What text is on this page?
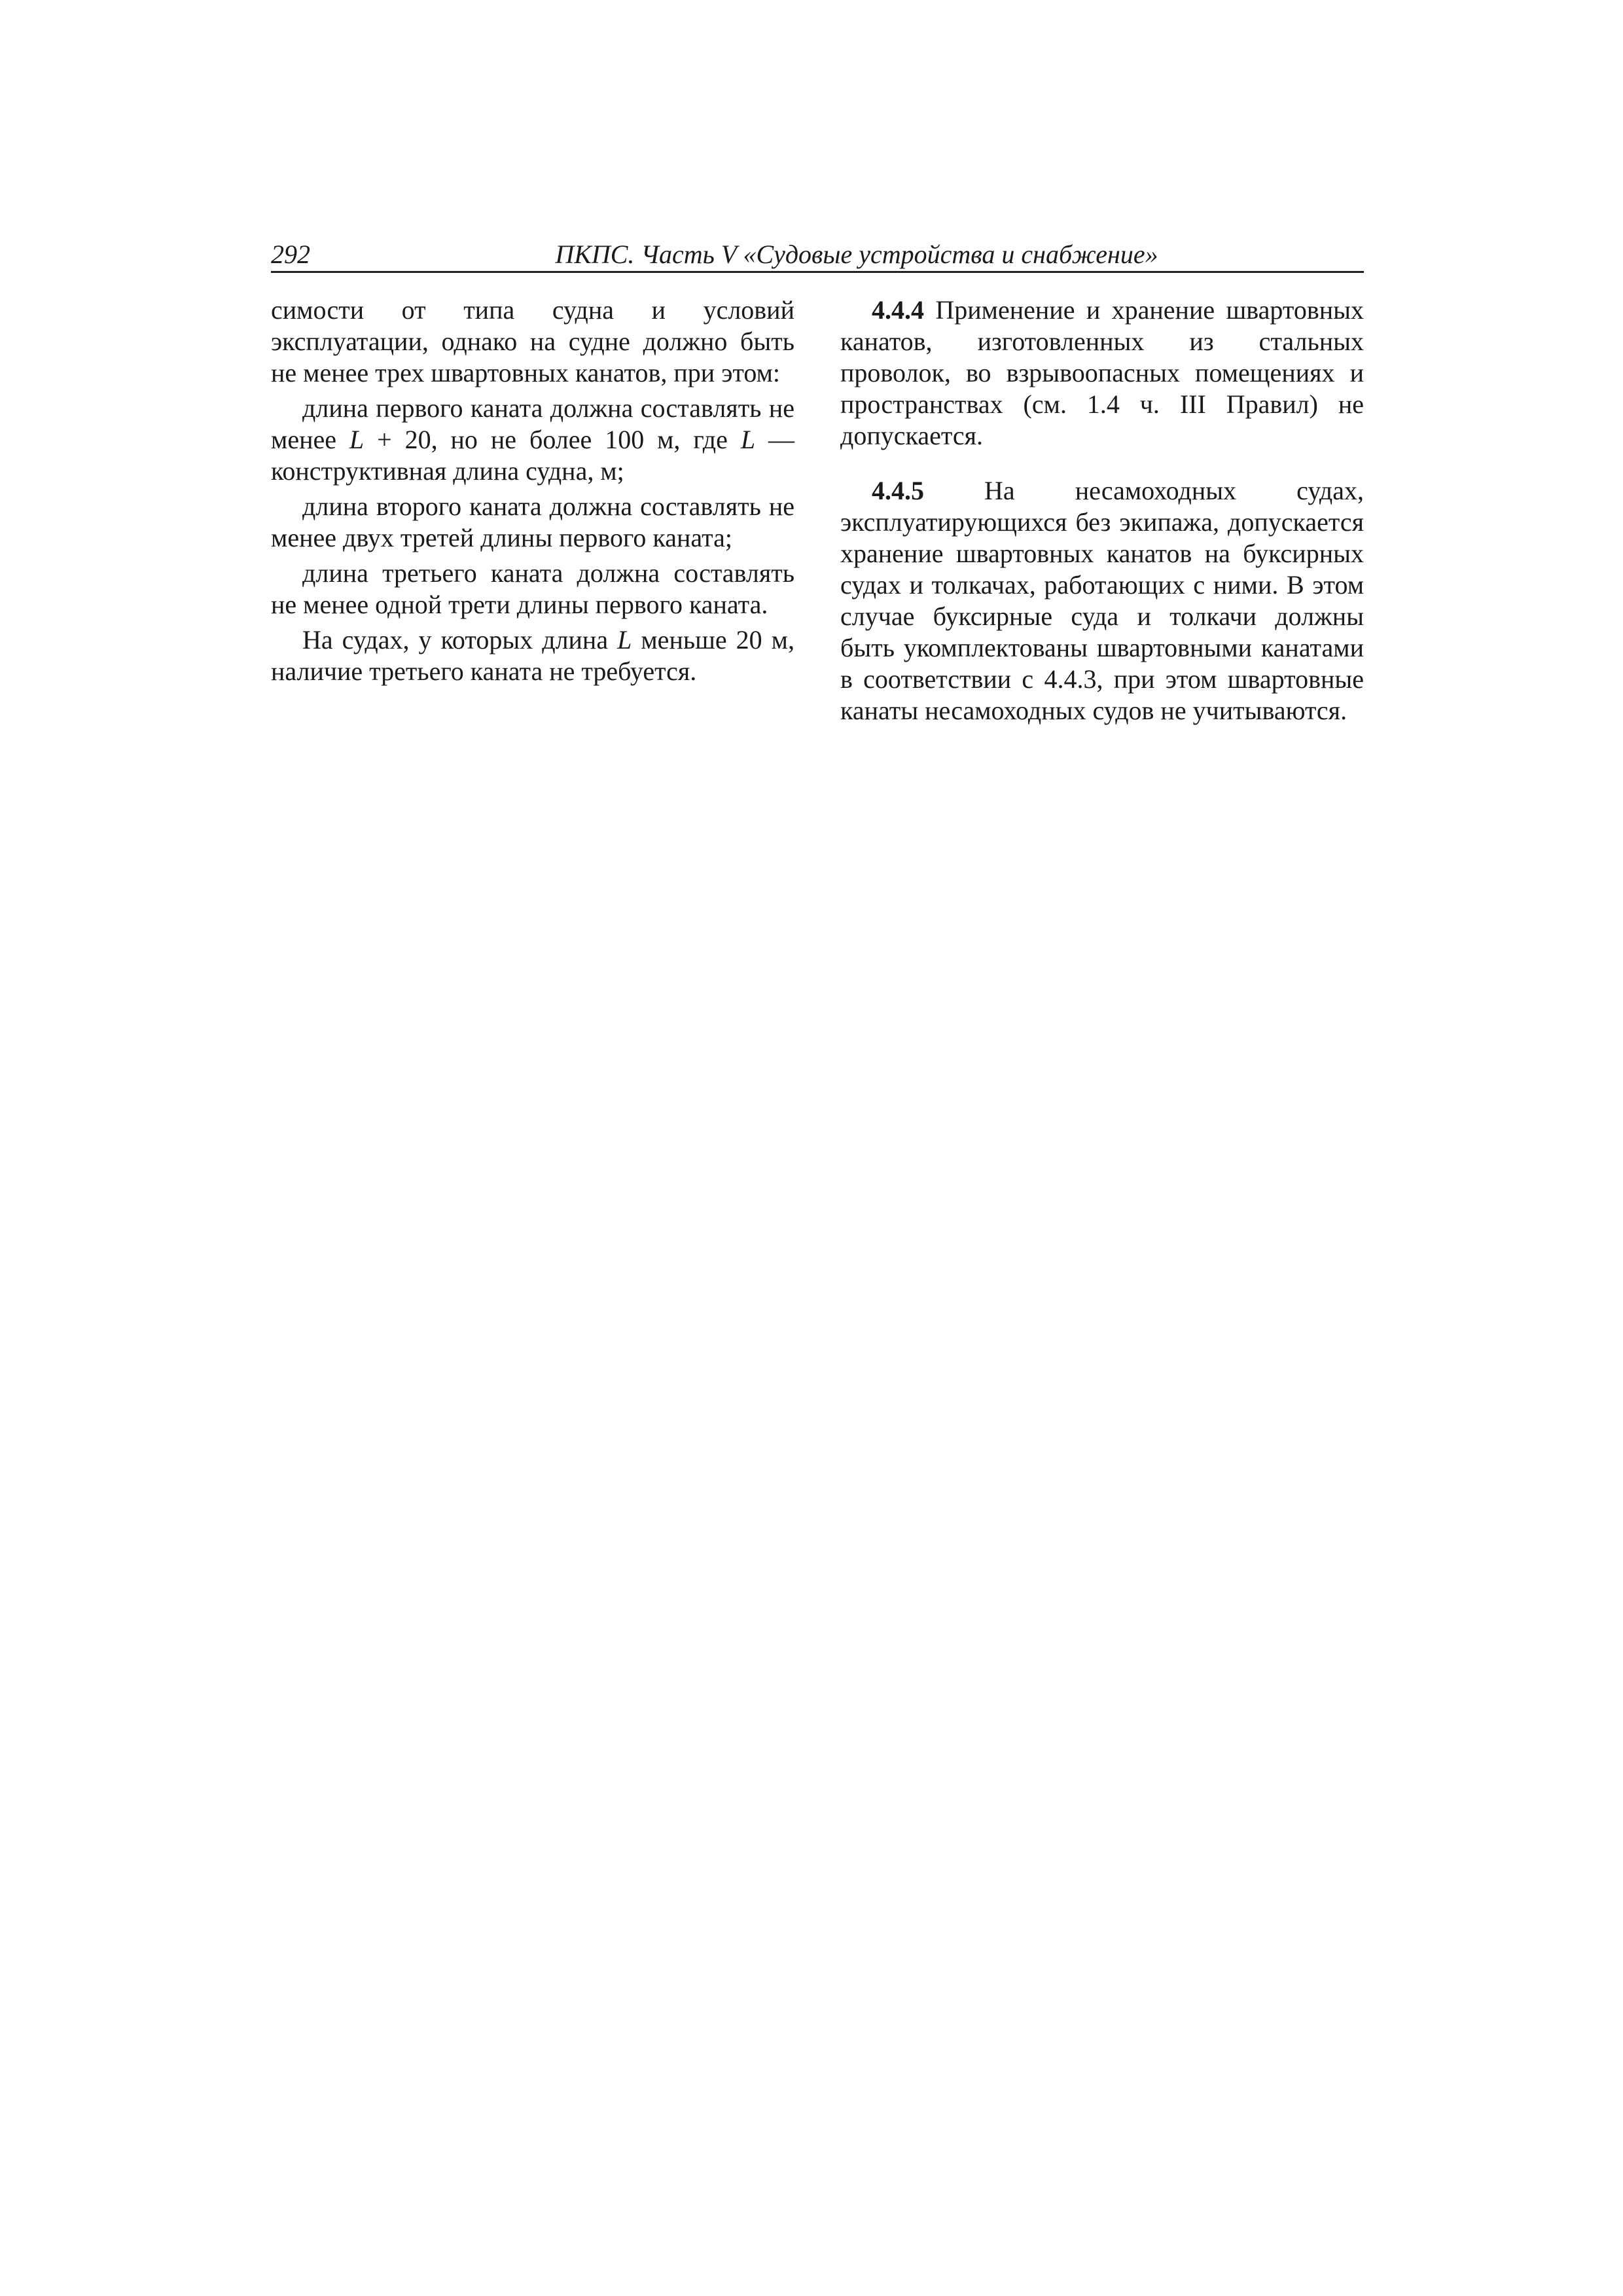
292	ПКПС. Часть V «Судовые устройства и снабжение»

симости от типа судна и условий эксплуатации, однако на судне должно быть не менее трех швартовных канатов, при этом:

длина первого каната должна составлять не менее L + 20, но не более 100 м, где L — конструктивная длина судна, м;

длина второго каната должна составлять не менее двух третей длины первого каната;

длина третьего каната должна составлять не менее одной трети длины первого каната.

На судах, у которых длина L меньше 20 м, наличие третьего каната не требуется.

4.4.4 Применение и хранение швартовных канатов, изготовленных из стальных проволок, во взрывоопасных помещениях и пространствах (см. 1.4 ч. III Правил) не допускается.

4.4.5 На несамоходных судах, эксплуатирующихся без экипажа, допускается хранение швартовных канатов на буксирных судах и толкачах, работающих с ними. В этом случае буксирные суда и толкачи должны быть укомплектованы швартовными канатами в соответствии с 4.4.3, при этом швартовные канаты несамоходных судов не учитываются.
